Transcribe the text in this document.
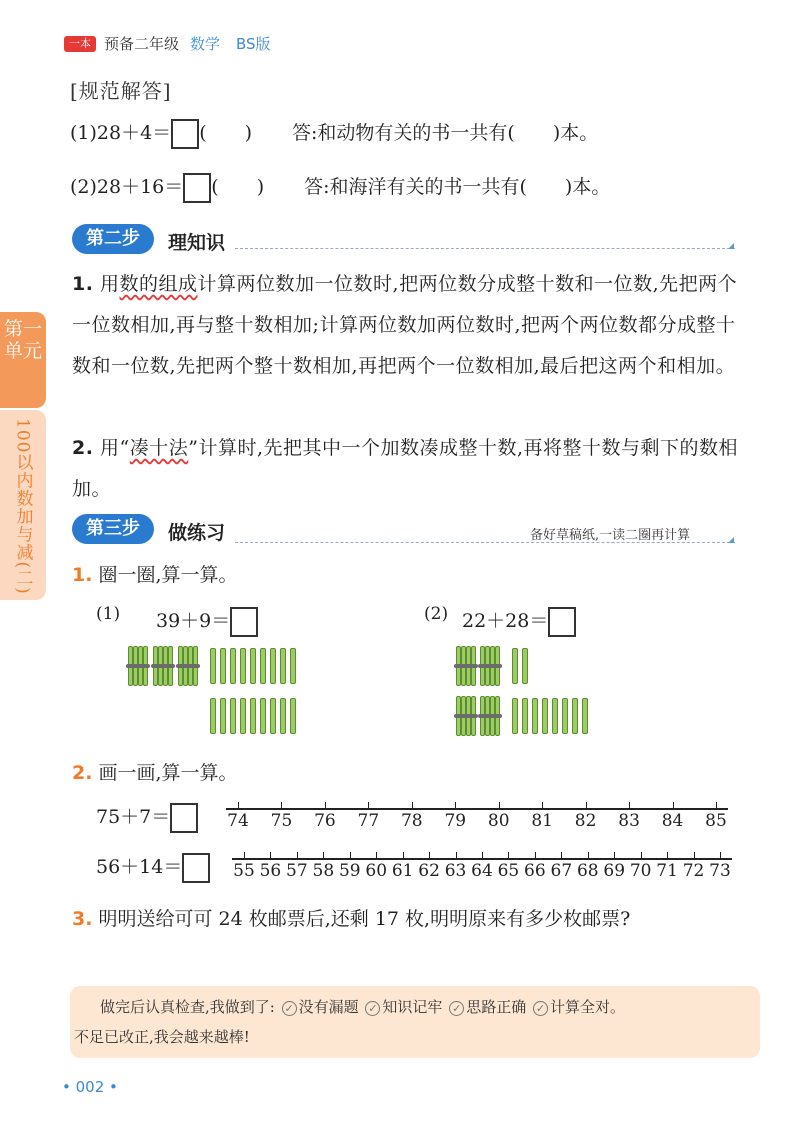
一本 预备二年级 数学 BS版
[规范解答]
(1)28＋4＝ (　　) 答:和动物有关的书一共有(　　)本。
(2)28＋16＝ (　　) 答:和海洋有关的书一共有(　　)本。
第二步	理知识
第一单元
100以内数加与减(二)
1. 用数的组成计算两位数加一位数时,把两位数分成整十数和一位数,先把两个一位数相加,再与整十数相加;计算两位数加两位数时,把两个两位数都分成整十数和一位数,先把两个整十数相加,再把两个一位数相加,最后把这两个和相加。
2. 用“凑十法”计算时,先把其中一个加数凑成整十数,再将整十数与剩下的数相加。
第三步	做练习	备好草稿纸,一读二圈再计算
1. 圈一圈,算一算。
(1) 39＋9＝	(2) 22＋28＝
2. 画一画,算一算。
75＋7＝
56＋14＝
74 75 76 77 78 79 80 81 82 83 84 85
55 56 57 58 59 60 61 62 63 64 65 66 67 68 69 70 71 72 73
3. 明明送给可可 24 枚邮票后,还剩 17 枚,明明原来有多少枚邮票?
做完后认真检查,我做到了: ✓ 没有漏题 ✓ 知识记牢 ✓ 思路正确 ✓ 计算全对。
不足已改正,我会越来越棒!
• 002 •
